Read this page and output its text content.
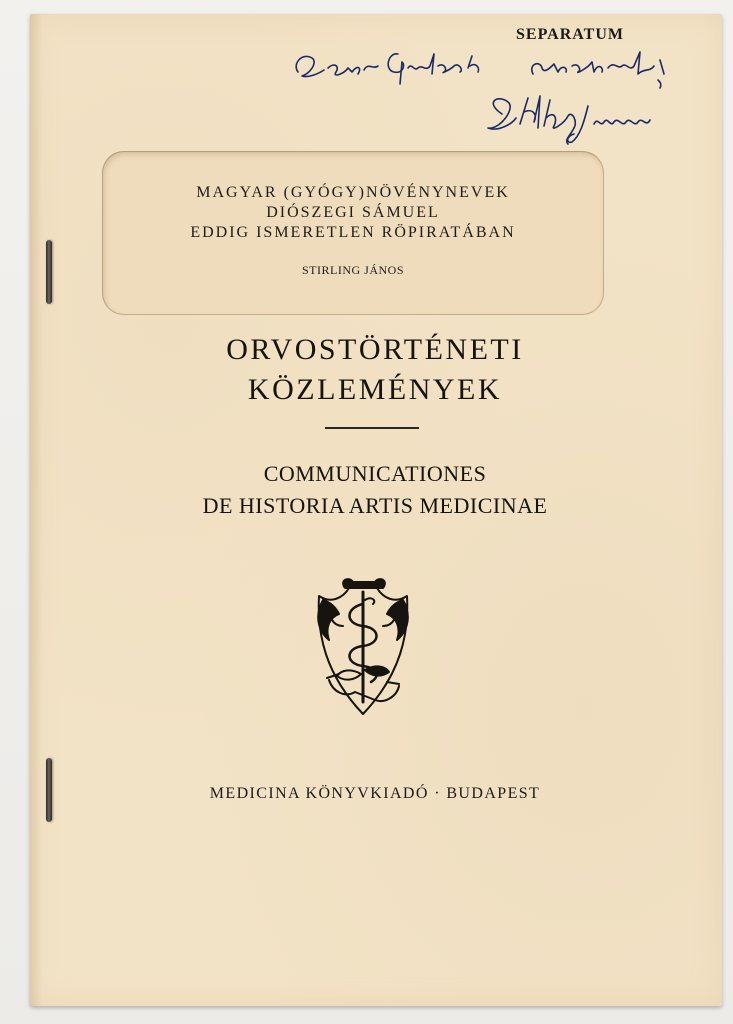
SEPARATUM
MAGYAR (GYÓGY)NÖVÉNYNEVEK
DIÓSZEGI SÁMUEL
EDDIG ISMERETLEN RÖPIRATÁBAN
STIRLING JÁNOS
ORVOSTÖRTÉNETI
KÖZLEMÉNYEK
COMMUNICATIONES
DE HISTORIA ARTIS MEDICINAE
MEDICINA KÖNYVKIADÓ · BUDAPEST
